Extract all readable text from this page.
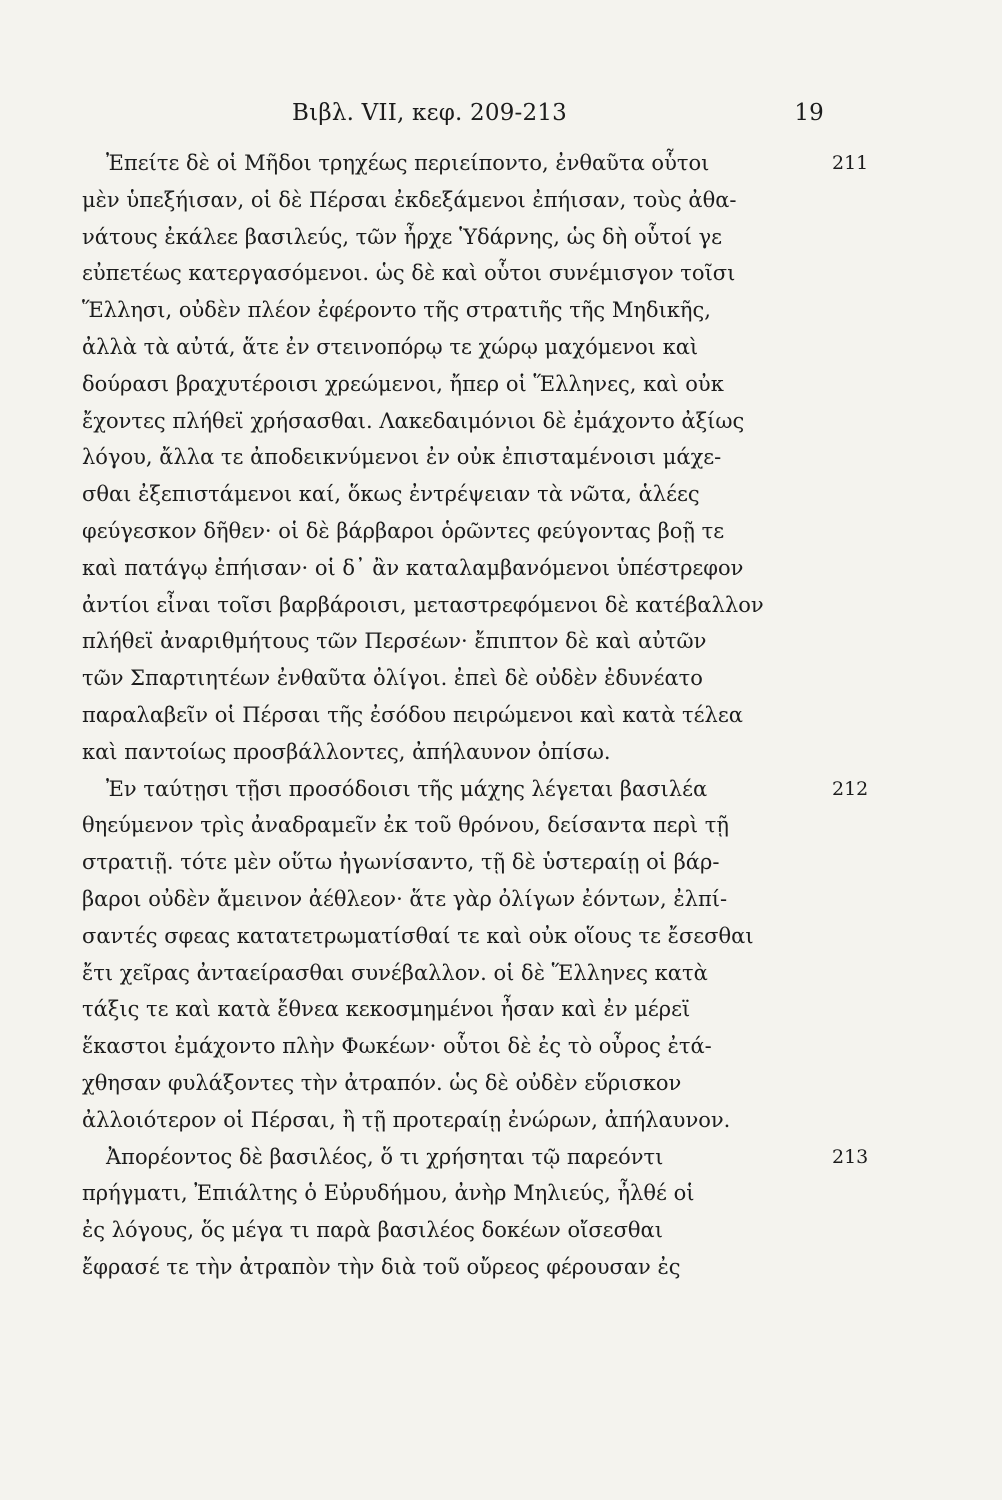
Βιβλ. VII, κεφ. 209-213	19
Ἐπείτε δὲ οἱ Μῆδοι τρηχέως περιείποντο, ἐνθαῦτα οὗτοι
μὲν ὑπεξήισαν, οἱ δὲ Πέρσαι ἐκδεξάμενοι ἐπήισαν, τοὺς ἀθα-
νάτους ἐκάλεε βασιλεύς, τῶν ἦρχε Ὑδάρνης, ὡς δὴ οὗτοί γε
εὐπετέως κατεργασόμενοι. ὡς δὲ καὶ οὗτοι συνέμισγον τοῖσι
Ἕλλησι, οὐδὲν πλέον ἐφέροντο τῆς στρατιῆς τῆς Μηδικῆς,
ἀλλὰ τὰ αὐτά, ἅτε ἐν στεινοπόρῳ τε χώρῳ μαχόμενοι καὶ
δούρασι βραχυτέροισι χρεώμενοι, ἤπερ οἱ Ἕλληνες, καὶ οὐκ
ἔχοντες πλήθεϊ χρήσασθαι. Λακεδαιμόνιοι δὲ ἐμάχοντο ἀξίως
λόγου, ἄλλα τε ἀποδεικνύμενοι ἐν οὐκ ἐπισταμένοισι μάχε-
σθαι ἐξεπιστάμενοι καί, ὅκως ἐντρέψειαν τὰ νῶτα, ἁλέες
φεύγεσκον δῆθεν· οἱ δὲ βάρβαροι ὁρῶντες φεύγοντας βοῇ τε
καὶ πατάγῳ ἐπήισαν· οἱ δ᾽ ἂν καταλαμβανόμενοι ὑπέστρεφον
ἀντίοι εἶναι τοῖσι βαρβάροισι, μεταστρεφόμενοι δὲ κατέβαλλον
πλήθεϊ ἀναριθμήτους τῶν Περσέων· ἔπιπτον δὲ καὶ αὐτῶν
τῶν Σπαρτιητέων ἐνθαῦτα ὀλίγοι. ἐπεὶ δὲ οὐδὲν ἐδυνέατο
παραλαβεῖν οἱ Πέρσαι τῆς ἐσόδου πειρώμενοι καὶ κατὰ τέλεα
καὶ παντοίως προσβάλλοντες, ἀπήλαυνον ὀπίσω.
Ἐν ταύτῃσι τῇσι προσόδοισι τῆς μάχης λέγεται βασιλέα
θηεύμενον τρὶς ἀναδραμεῖν ἐκ τοῦ θρόνου, δείσαντα περὶ τῇ
στρατιῇ. τότε μὲν οὕτω ἠγωνίσαντο, τῇ δὲ ὑστεραίῃ οἱ βάρ-
βαροι οὐδὲν ἄμεινον ἀέθλεον· ἅτε γὰρ ὀλίγων ἐόντων, ἐλπί-
σαντές σφεας κατατετρωματίσθαί τε καὶ οὐκ οἵους τε ἔσεσθαι
ἔτι χεῖρας ἀνταείρασθαι συνέβαλλον. οἱ δὲ Ἕλληνες κατὰ
τάξις τε καὶ κατὰ ἔθνεα κεκοσμημένοι ἦσαν καὶ ἐν μέρεϊ
ἕκαστοι ἐμάχοντο πλὴν Φωκέων· οὗτοι δὲ ἐς τὸ οὖρος ἐτά-
χθησαν φυλάξοντες τὴν ἀτραπόν. ὡς δὲ οὐδὲν εὕρισκον
ἀλλοιότερον οἱ Πέρσαι, ἢ τῇ προτεραίῃ ἐνώρων, ἀπήλαυνον.
Ἀπορέοντος δὲ βασιλέος, ὅ τι χρήσηται τῷ παρεόντι
πρήγματι, Ἐπιάλτης ὁ Εὐρυδήμου, ἀνὴρ Μηλιεύς, ἦλθέ οἱ
ἐς λόγους, ὅς μέγα τι παρὰ βασιλέος δοκέων οἴσεσθαι
ἔφρασέ τε τὴν ἀτραπὸν τὴν διὰ τοῦ οὔρεος φέρουσαν ἐς
211
212
213
